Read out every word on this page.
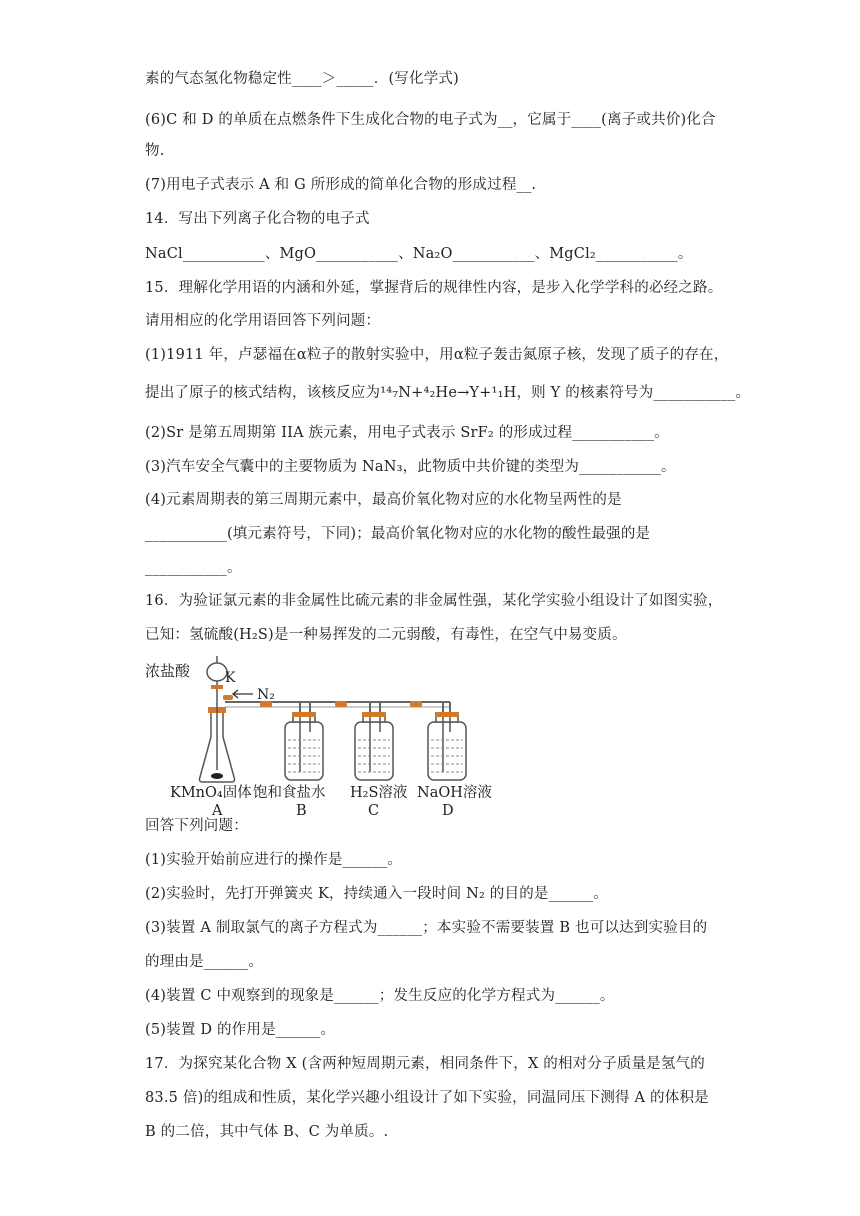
素的气态氢化物稳定性____＞_____．(写化学式)
(6)C 和 D 的单质在点燃条件下生成化合物的电子式为__，它属于____(离子或共价)化合
物.
(7)用电子式表示 A 和 G 所形成的简单化合物的形成过程__.
14．写出下列离子化合物的电子式
NaCl___________、MgO___________、Na₂O___________、MgCl₂___________。
15．理解化学用语的内涵和外延，掌握背后的规律性内容，是步入化学学科的必经之路。
请用相应的化学用语回答下列问题：
(1)1911 年，卢瑟福在α粒子的散射实验中，用α粒子轰击氮原子核，发现了质子的存在，
提出了原子的核式结构，该核反应为¹⁴₇N+⁴₂He→Y+¹₁H，则 Y 的核素符号为___________。
(2)Sr 是第五周期第 IIA 族元素，用电子式表示 SrF₂ 的形成过程___________。
(3)汽车安全气囊中的主要物质为 NaN₃，此物质中共价键的类型为___________。
(4)元素周期表的第三周期元素中，最高价氧化物对应的水化物呈两性的是
___________(填元素符号，下同)；最高价氧化物对应的水化物的酸性最强的是
___________。
16．为验证氯元素的非金属性比硫元素的非金属性强，某化学实验小组设计了如图实验，
已知：氢硫酸(H₂S)是一种易挥发的二元弱酸，有毒性，在空气中易变质。
回答下列问题：
(1)实验开始前应进行的操作是______。
(2)实验时，先打开弹簧夹 K，持续通入一段时间 N₂ 的目的是______。
(3)装置 A 制取氯气的离子方程式为______；本实验不需要装置 B 也可以达到实验目的
的理由是______。
(4)装置 C 中观察到的现象是______；发生反应的化学方程式为______。
(5)装置 D 的作用是______。
17．为探究某化合物 X (含两种短周期元素，相同条件下，X 的相对分子质量是氢气的
83.5 倍)的组成和性质，某化学兴趣小组设计了如下实验，同温同压下测得 A 的体积是
B 的二倍，其中气体 B、C 为单质。.
K
N₂
浓盐酸
KMnO₄固体 饱和食盐水 H₂S溶液 NaOH溶液
A	B	C	D
